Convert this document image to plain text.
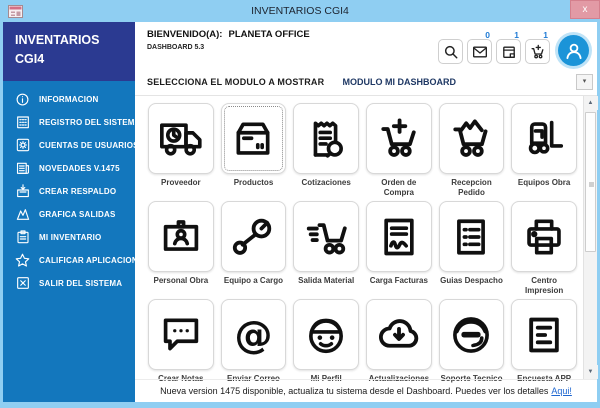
INVENTARIOS CGI4	x
INVENTARIOS
CGI4
INFORMACION
REGISTRO DEL SISTEMA
CUENTAS DE USUARIOS
NOVEDADES V.1475
CREAR RESPALDO
GRAFICA SALIDAS
MI INVENTARIO
CALIFICAR APLICACION
SALIR DEL SISTEMA
BIENVENIDO(A): PLANETA OFFICE
DASHBOARD 5.3
0	1	1
SELECCIONA EL MODULO A MOSTRAR MODULO MI DASHBOARD	▾
Proveedor	Productos	Cotizaciones	Orden de Compra
Recepcion Pedido
Equipos Obra
Personal Obra Equipo a Cargo Salida Material Carga Facturas Guias Despacho	Centro Impresion
Crear Notas
@
Enviar Correo	Mi Perfil	Actualizaciones Soporte Tecnico Encuesta APP
▲
▼
Nueva version 1475 disponible, actualiza tu sistema desde el Dashboard. Puedes ver los detalles Aqui!
